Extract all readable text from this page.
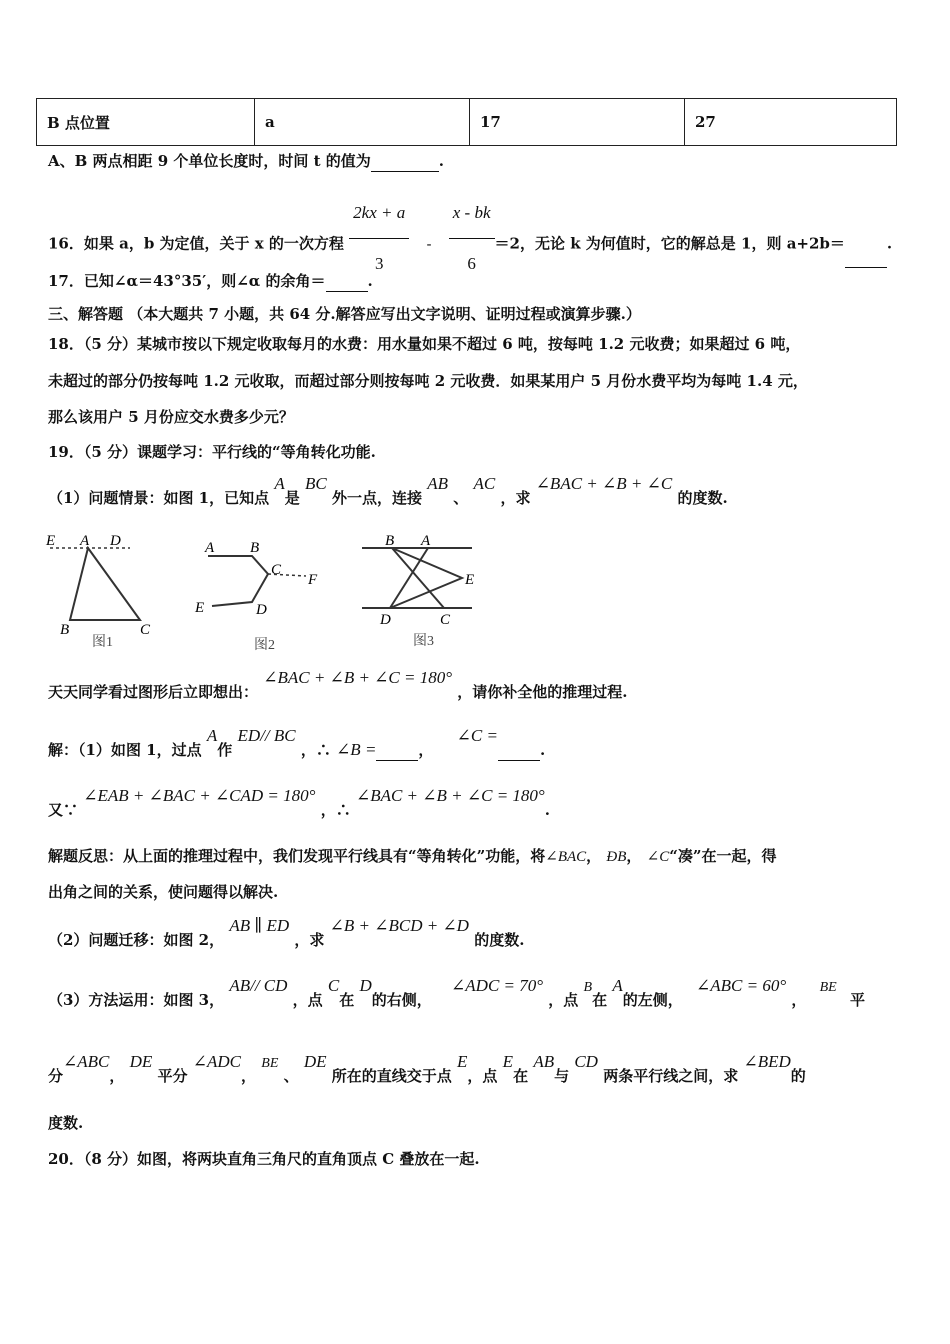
B 点位置	a	17	27
A、B 两点相距 9 个单位长度时，时间 t 的值为	.
16．如果 a，b 为定值，关于 x 的一次方程 $\frac{2kx + a}{3} - \frac{x - bk}{6} =2$，无论 k 为何值时，它的解总是 1，则 a+2b＝	.
17．已知∠α＝43°35′，则∠α 的余角＝	.
三、解答题 （本大题共 7 小题，共 64 分.解答应写出文字说明、证明过程或演算步骤.）
18．（5 分）某城市按以下规定收取每月的水费：用水量如果不超过 6 吨，按每吨 1.2 元收费；如果超过 6 吨，
未超过的部分仍按每吨 1.2 元收取，而超过部分则按每吨 2 元收费．如果某用户 5 月份水费平均为每吨 1.4 元，
那么该用户 5 月份应交水费多少元？
19．（5 分）课题学习：平行线的“等角转化功能.
（1）问题情景：如图 1，已知点 A是 BC 外一点，连接 AB 、 AC ，求 ∠BAC + ∠B + ∠C 的度数.
E A D
B	C
图1
A B
C
F
E	D
图2
B A
E
D	C
图3
天天同学看过图形后立即想出： ∠BAC + ∠B + ∠C = 180° ，请你补全他的推理过程.
解：（1）如图 1，过点 A作 ED// BC ，∴ ∠B =	， ∠C = .
又∵ ∠EAB + ∠BAC + ∠CAD = 180° ，∴ ∠BAC + ∠B + ∠C = 180°.
解题反思：从上面的推理过程中，我们发现平行线具有“等角转化”功能，将∠BAC， ÐB， ∠C“凑”在一起，得
出角之间的关系，使问题得以解决.
（2）问题迁移：如图 2， AB ∥ ED ，求 ∠B + ∠BCD + ∠D 的度数.
（3）方法运用：如图 3， AB// CD ，点 C在 D的右侧， ∠ADC = 70° ，点 B在 A的左侧， ∠ABC = 60° ， BE 平
分∠ABC， DE 平分 ∠ADC， BE 、 DE 所在的直线交于点 E，点 E在 AB与 CD 两条平行线之间，求 ∠BED的
度数.
20．（8 分）如图，将两块直角三角尺的直角顶点 C 叠放在一起.
